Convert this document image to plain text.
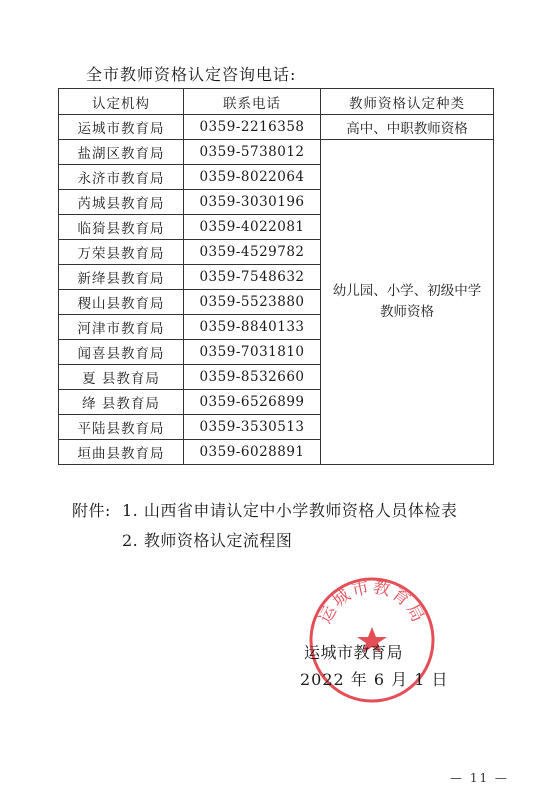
全市教师资格认定咨询电话:
认定机构	联系电话	教师资格认定种类
运城市教育局	0359-2216358	高中、中职教师资格
盐湖区教育局	0359-5738012	幼儿园、小学、初级中学教师资格
永济市教育局	0359-8022064	
芮城县教育局	0359-3030196	
临猗县教育局	0359-4022081	
万荣县教育局	0359-4529782	
新绛县教育局	0359-7548632	
稷山县教育局	0359-5523880	
河津市教育局	0359-8840133	
闻喜县教育局	0359-7031810	
夏 县教育局	0359-8532660	
绛 县教育局	0359-6526899	
平陆县教育局	0359-3530513	
垣曲县教育局	0359-6028891	
附件: 1. 山西省申请认定中小学教师资格人员体检表
2. 教师资格认定流程图
运城市教育局
运城市教育局
2022 年 6 月 1 日
— 11 —
